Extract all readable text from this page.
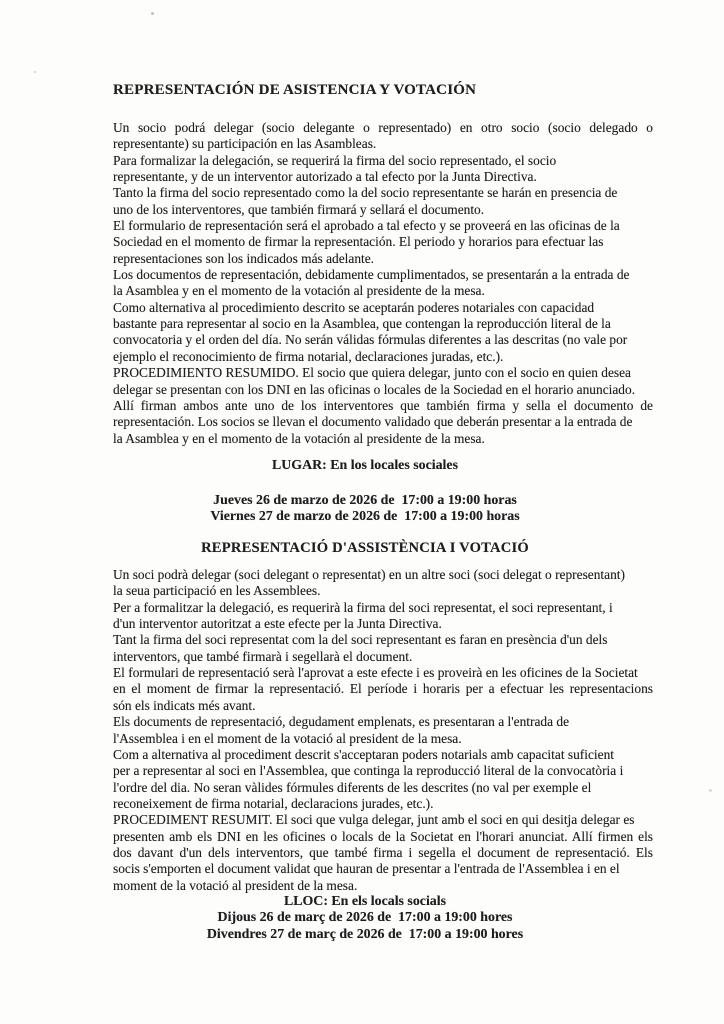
REPRESENTACIÓN DE ASISTENCIA Y VOTACIÓN
Un socio podrá delegar (socio delegante o representado) en otro socio (socio delegado o
representante) su participación en las Asambleas.
Para formalizar la delegación, se requerirá la firma del socio representado, el socio
representante, y de un interventor autorizado a tal efecto por la Junta Directiva.
Tanto la firma del socio representado como la del socio representante se harán en presencia de
uno de los interventores, que también firmará y sellará el documento.
El formulario de representación será el aprobado a tal efecto y se proveerá en las oficinas de la
Sociedad en el momento de firmar la representación. El periodo y horarios para efectuar las
representaciones son los indicados más adelante.
Los documentos de representación, debidamente cumplimentados, se presentarán a la entrada de
la Asamblea y en el momento de la votación al presidente de la mesa.
Como alternativa al procedimiento descrito se aceptarán poderes notariales con capacidad
bastante para representar al socio en la Asamblea, que contengan la reproducción literal de la
convocatoria y el orden del día. No serán válidas fórmulas diferentes a las descritas (no vale por
ejemplo el reconocimiento de firma notarial, declaraciones juradas, etc.).
PROCEDIMIENTO RESUMIDO. El socio que quiera delegar, junto con el socio en quien desea
delegar se presentan con los DNI en las oficinas o locales de la Sociedad en el horario anunciado.
Allí firman ambos ante uno de los interventores que también firma y sella el documento de
representación. Los socios se llevan el documento validado que deberán presentar a la entrada de
la Asamblea y en el momento de la votación al presidente de la mesa.
LUGAR: En los locales sociales
Jueves 26 de marzo de 2026 de  17:00 a 19:00 horas
Viernes 27 de marzo de 2026 de  17:00 a 19:00 horas
REPRESENTACIÓ D'ASSISTÈNCIA I VOTACIÓ
Un soci podrà delegar (soci delegant o representat) en un altre soci (soci delegat o representant)
la seua participació en les Assemblees.
Per a formalitzar la delegació, es requerirà la firma del soci representat, el soci representant, i
d'un interventor autoritzat a este efecte per la Junta Directiva.
Tant la firma del soci representat com la del soci representant es faran en presència d'un dels
interventors, que també firmarà i segellarà el document.
El formulari de representació serà l'aprovat a este efecte i es proveirà en les oficines de la Societat
en el moment de firmar la representació. El període i horaris per a efectuar les representacions
són els indicats més avant.
Els documents de representació, degudament emplenats, es presentaran a l'entrada de
l'Assemblea i en el moment de la votació al president de la mesa.
Com a alternativa al procediment descrit s'acceptaran poders notarials amb capacitat suficient
per a representar al soci en l'Assemblea, que continga la reproducció literal de la convocatòria i
l'ordre del dia. No seran vàlides fórmules diferents de les descrites (no val per exemple el
reconeixement de firma notarial, declaracions jurades, etc.).
PROCEDIMENT RESUMIT. El soci que vulga delegar, junt amb el soci en qui desitja delegar es
presenten amb els DNI en les oficines o locals de la Societat en l'horari anunciat. Allí firmen els
dos davant d'un dels interventors, que també firma i segella el document de representació. Els
socis s'emporten el document validat que hauran de presentar a l'entrada de l'Assemblea i en el
moment de la votació al president de la mesa.
LLOC: En els locals socials
Dijous 26 de març de 2026 de  17:00 a 19:00 hores
Divendres 27 de març de 2026 de  17:00 a 19:00 hores
